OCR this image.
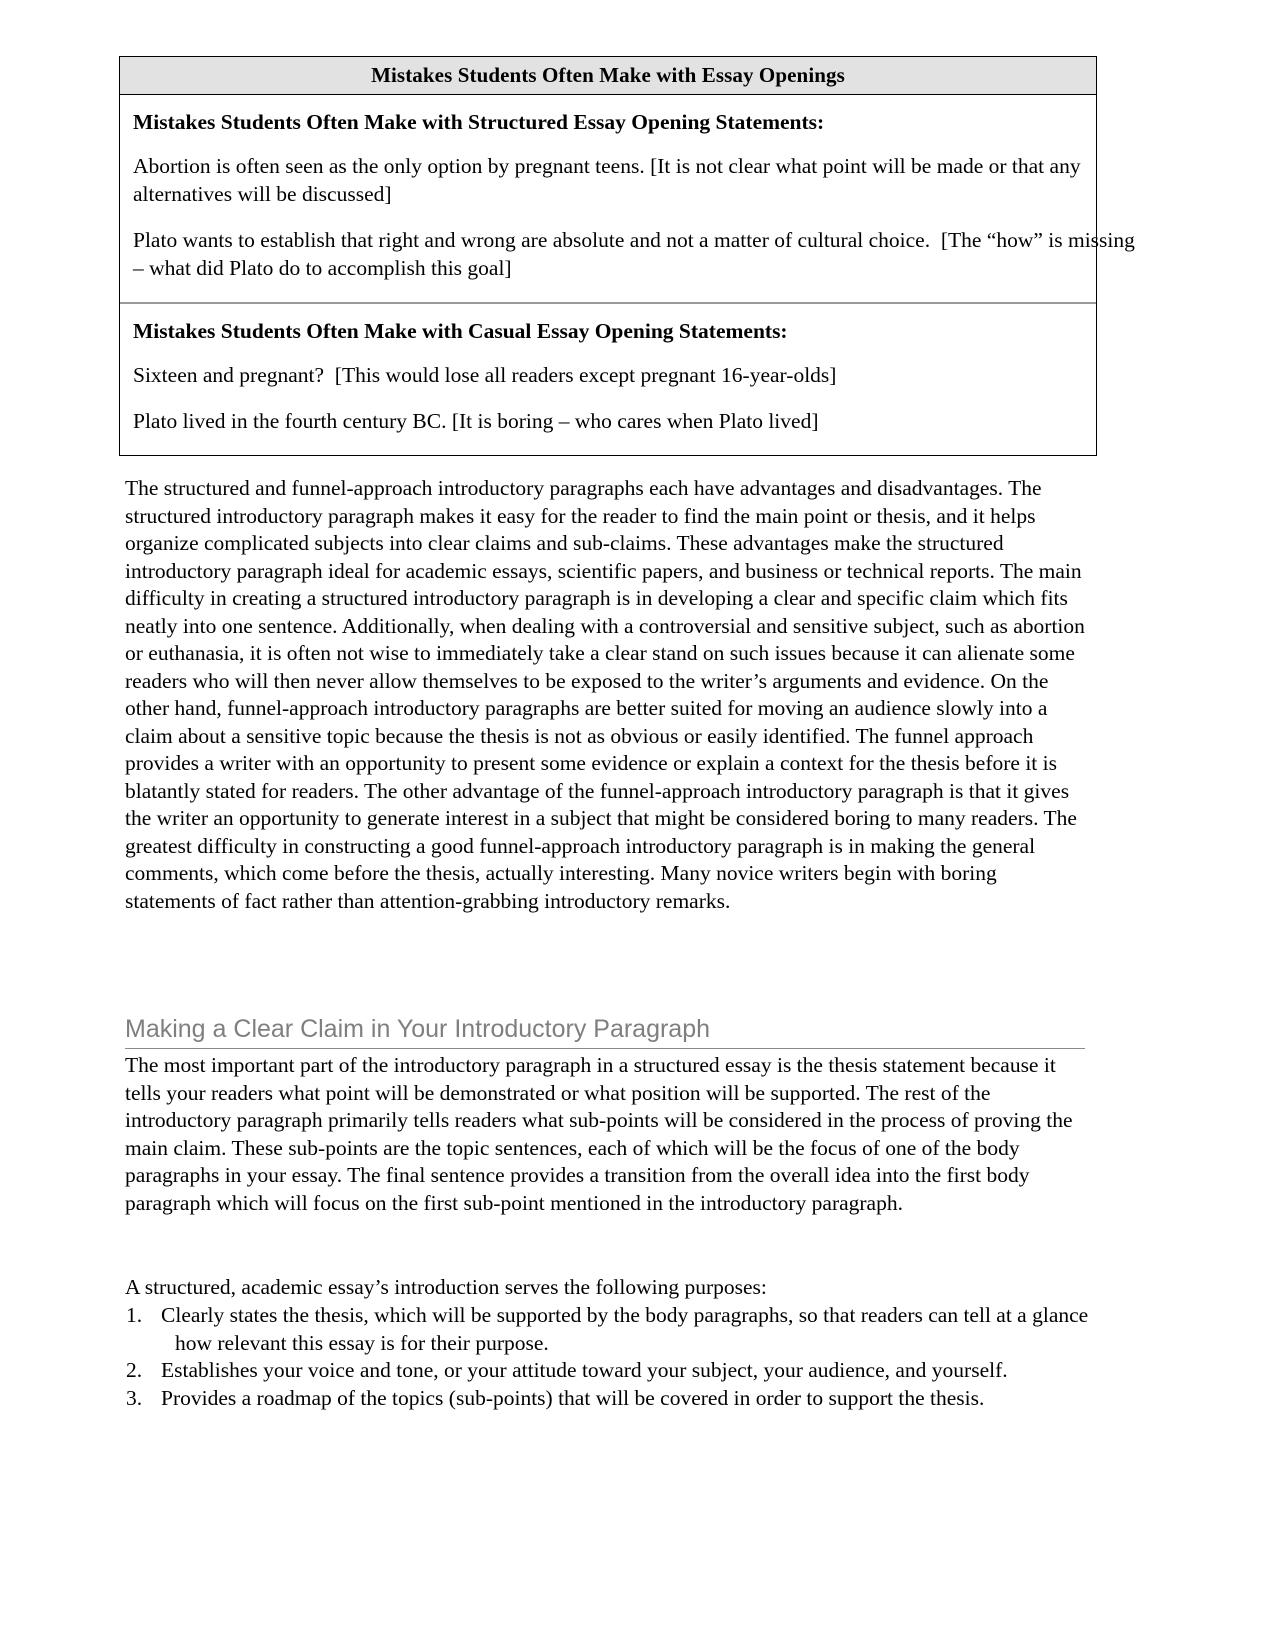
Mistakes Students Often Make with Essay Openings
Mistakes Students Often Make with Structured Essay Opening Statements:
Abortion is often seen as the only option by pregnant teens. [It is not clear what point will be made or that any alternatives will be discussed]
Plato wants to establish that right and wrong are absolute and not a matter of cultural choice.  [The “how” is missing – what did Plato do to accomplish this goal]
Mistakes Students Often Make with Casual Essay Opening Statements:
Sixteen and pregnant?  [This would lose all readers except pregnant 16-year-olds]
Plato lived in the fourth century BC. [It is boring – who cares when Plato lived]
The structured and funnel-approach introductory paragraphs each have advantages and disadvantages. The structured introductory paragraph makes it easy for the reader to find the main point or thesis, and it helps organize complicated subjects into clear claims and sub-claims. These advantages make the structured introductory paragraph ideal for academic essays, scientific papers, and business or technical reports. The main difficulty in creating a structured introductory paragraph is in developing a clear and specific claim which fits neatly into one sentence. Additionally, when dealing with a controversial and sensitive subject, such as abortion or euthanasia, it is often not wise to immediately take a clear stand on such issues because it can alienate some readers who will then never allow themselves to be exposed to the writer’s arguments and evidence. On the other hand, funnel-approach introductory paragraphs are better suited for moving an audience slowly into a claim about a sensitive topic because the thesis is not as obvious or easily identified. The funnel approach provides a writer with an opportunity to present some evidence or explain a context for the thesis before it is blatantly stated for readers. The other advantage of the funnel-approach introductory paragraph is that it gives the writer an opportunity to generate interest in a subject that might be considered boring to many readers. The greatest difficulty in constructing a good funnel-approach introductory paragraph is in making the general comments, which come before the thesis, actually interesting. Many novice writers begin with boring statements of fact rather than attention-grabbing introductory remarks.
Making a Clear Claim in Your Introductory Paragraph
The most important part of the introductory paragraph in a structured essay is the thesis statement because it tells your readers what point will be demonstrated or what position will be supported. The rest of the introductory paragraph primarily tells readers what sub-points will be considered in the process of proving the main claim. These sub-points are the topic sentences, each of which will be the focus of one of the body paragraphs in your essay. The final sentence provides a transition from the overall idea into the first body paragraph which will focus on the first sub-point mentioned in the introductory paragraph.
A structured, academic essay’s introduction serves the following purposes:
1. Clearly states the thesis, which will be supported by the body paragraphs, so that readers can tell at a glance how relevant this essay is for their purpose.
2. Establishes your voice and tone, or your attitude toward your subject, your audience, and yourself.
3. Provides a roadmap of the topics (sub-points) that will be covered in order to support the thesis.
